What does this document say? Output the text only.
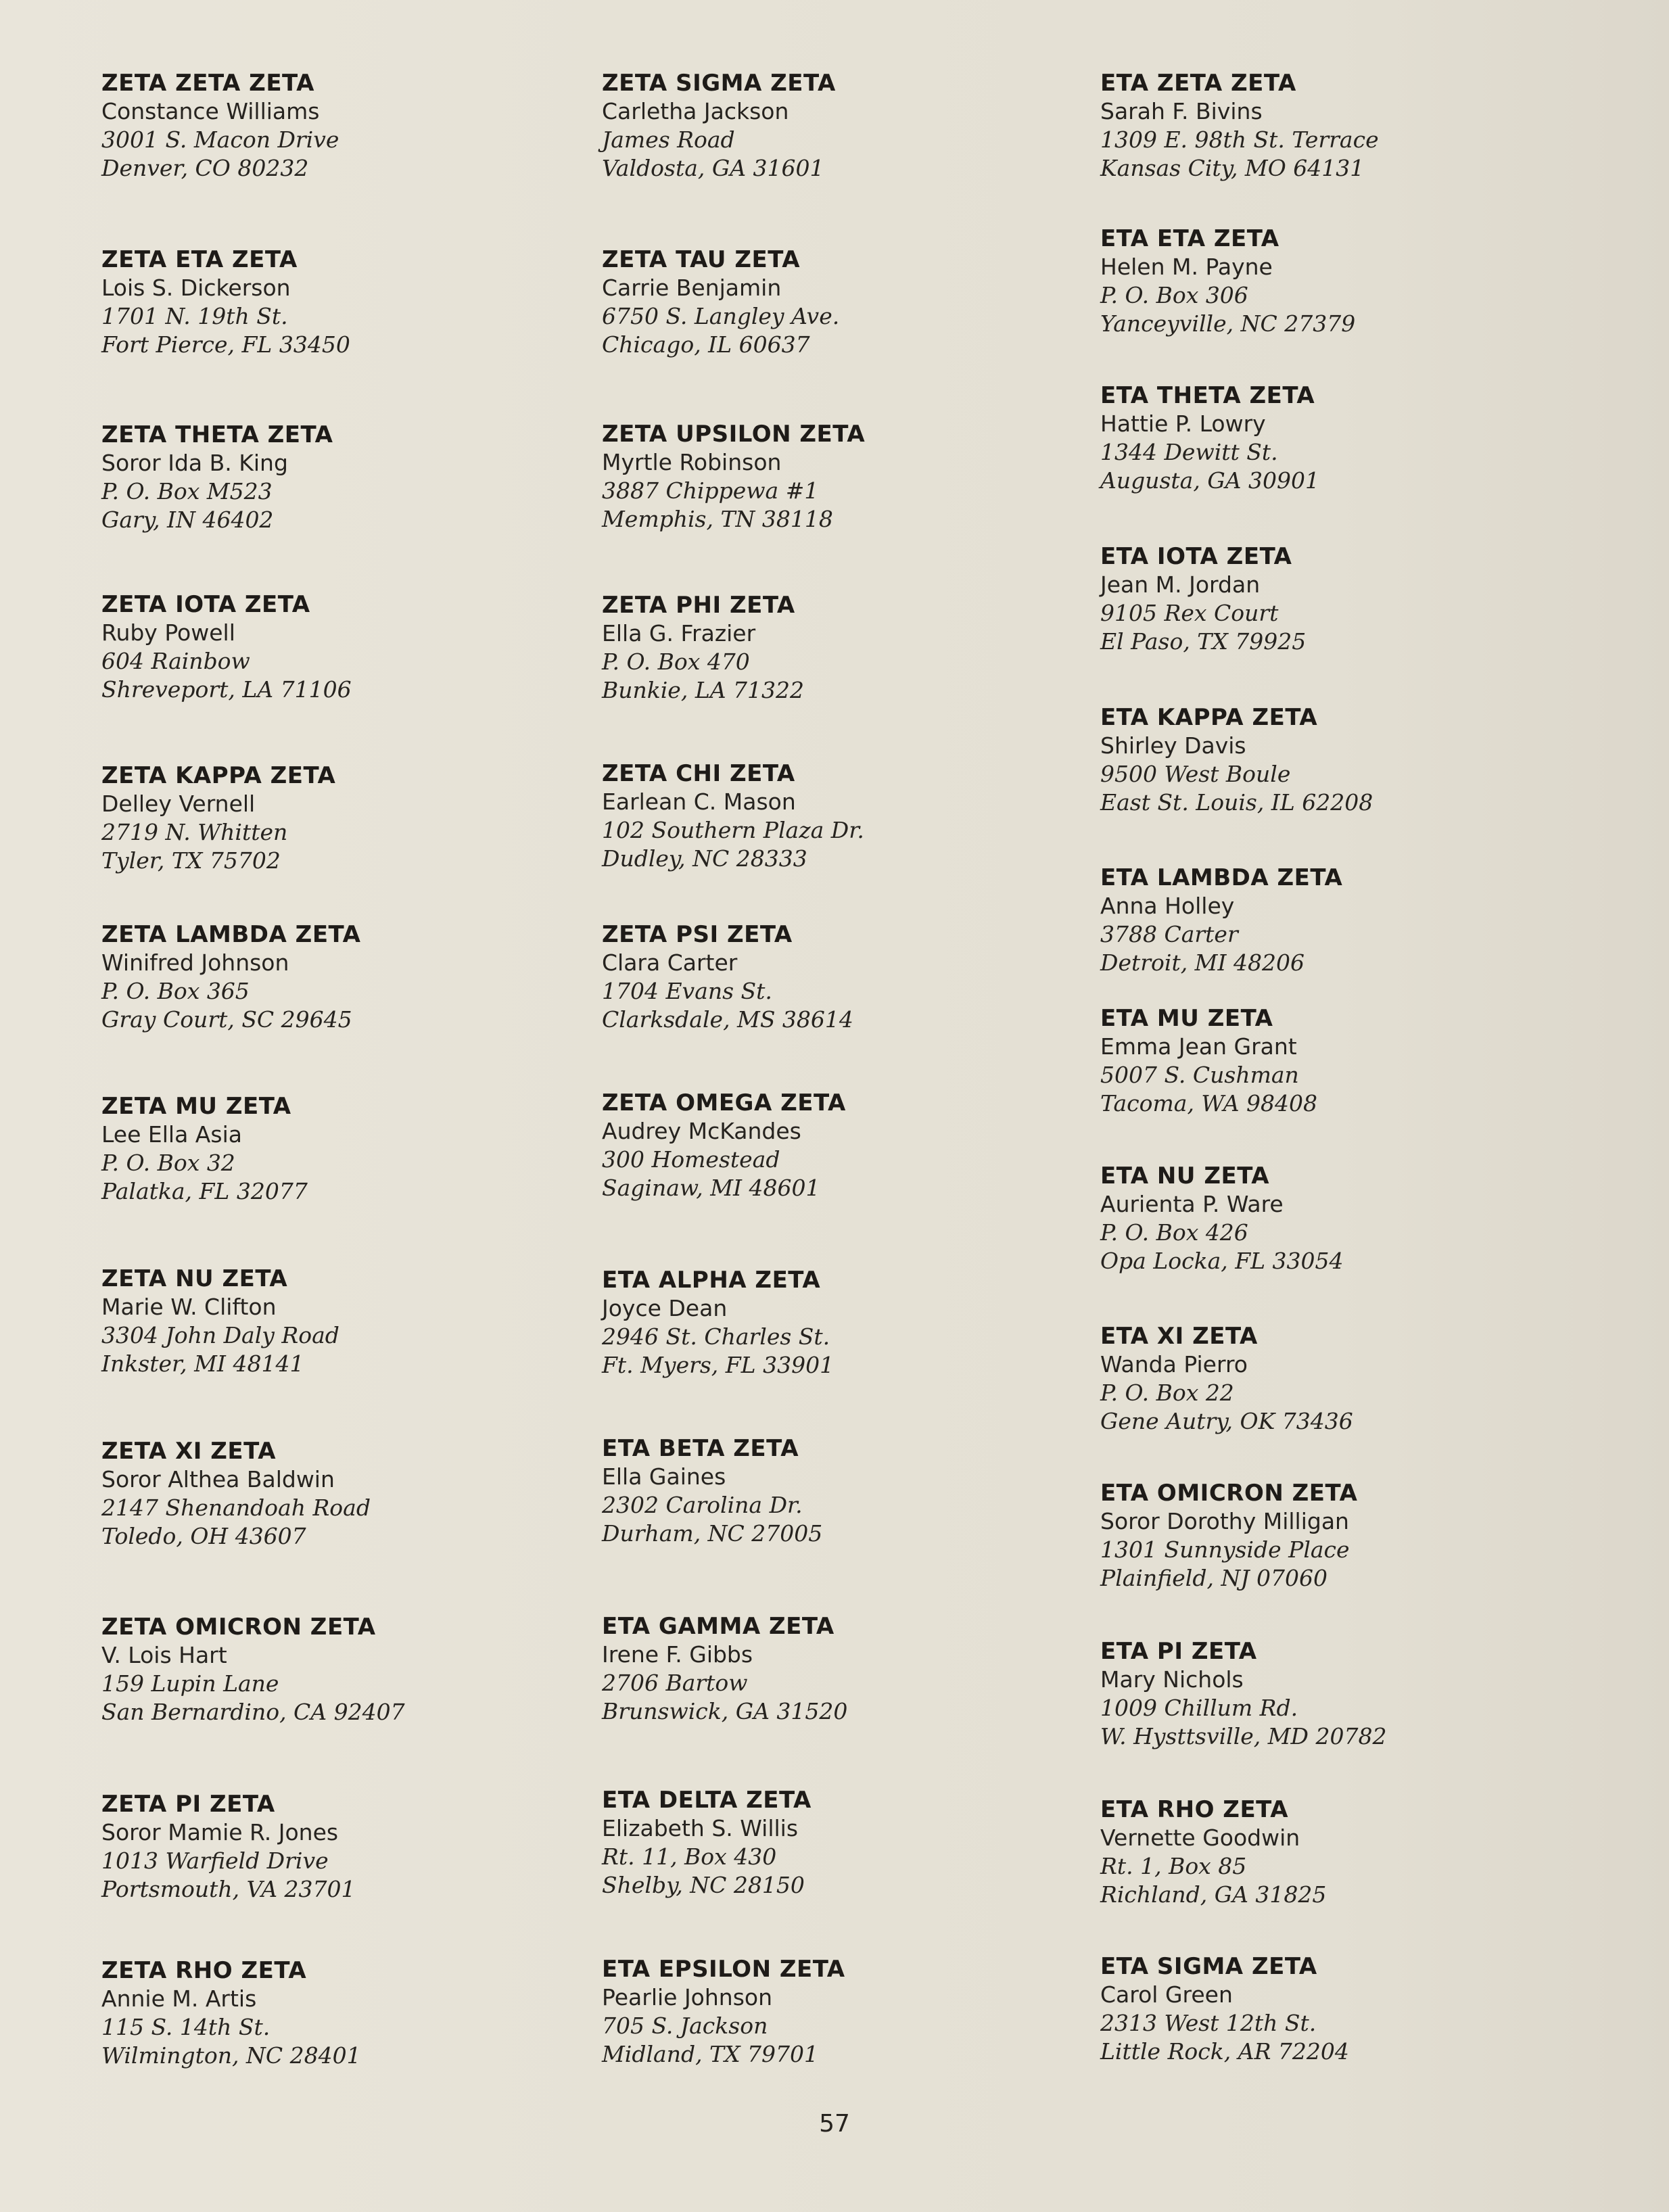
ZETA ZETA ZETA
Constance Williams
3001 S. Macon Drive
Denver, CO 80232
ZETA ETA ZETA
Lois S. Dickerson
1701 N. 19th St.
Fort Pierce, FL 33450
ZETA THETA ZETA
Soror Ida B. King
P. O. Box M523
Gary, IN 46402
ZETA IOTA ZETA
Ruby Powell
604 Rainbow
Shreveport, LA 71106
ZETA KAPPA ZETA
Delley Vernell
2719 N. Whitten
Tyler, TX 75702
ZETA LAMBDA ZETA
Winifred Johnson
P. O. Box 365
Gray Court, SC 29645
ZETA MU ZETA
Lee Ella Asia
P. O. Box 32
Palatka, FL 32077
ZETA NU ZETA
Marie W. Clifton
3304 John Daly Road
Inkster, MI 48141
ZETA XI ZETA
Soror Althea Baldwin
2147 Shenandoah Road
Toledo, OH 43607
ZETA OMICRON ZETA
V. Lois Hart
159 Lupin Lane
San Bernardino, CA 92407
ZETA PI ZETA
Soror Mamie R. Jones
1013 Warfield Drive
Portsmouth, VA 23701
ZETA RHO ZETA
Annie M. Artis
115 S. 14th St.
Wilmington, NC 28401
ZETA SIGMA ZETA
Carletha Jackson
James Road
Valdosta, GA 31601
ZETA TAU ZETA
Carrie Benjamin
6750 S. Langley Ave.
Chicago, IL 60637
ZETA UPSILON ZETA
Myrtle Robinson
3887 Chippewa #1
Memphis, TN 38118
ZETA PHI ZETA
Ella G. Frazier
P. O. Box 470
Bunkie, LA 71322
ZETA CHI ZETA
Earlean C. Mason
102 Southern Plaza Dr.
Dudley, NC 28333
ZETA PSI ZETA
Clara Carter
1704 Evans St.
Clarksdale, MS 38614
ZETA OMEGA ZETA
Audrey McKandes
300 Homestead
Saginaw, MI 48601
ETA ALPHA ZETA
Joyce Dean
2946 St. Charles St.
Ft. Myers, FL 33901
ETA BETA ZETA
Ella Gaines
2302 Carolina Dr.
Durham, NC 27005
ETA GAMMA ZETA
Irene F. Gibbs
2706 Bartow
Brunswick, GA 31520
ETA DELTA ZETA
Elizabeth S. Willis
Rt. 11, Box 430
Shelby, NC 28150
ETA EPSILON ZETA
Pearlie Johnson
705 S. Jackson
Midland, TX 79701
ETA ZETA ZETA
Sarah F. Bivins
1309 E. 98th St. Terrace
Kansas City, MO 64131
ETA ETA ZETA
Helen M. Payne
P. O. Box 306
Yanceyville, NC 27379
ETA THETA ZETA
Hattie P. Lowry
1344 Dewitt St.
Augusta, GA 30901
ETA IOTA ZETA
Jean M. Jordan
9105 Rex Court
El Paso, TX 79925
ETA KAPPA ZETA
Shirley Davis
9500 West Boule
East St. Louis, IL 62208
ETA LAMBDA ZETA
Anna Holley
3788 Carter
Detroit, MI 48206
ETA MU ZETA
Emma Jean Grant
5007 S. Cushman
Tacoma, WA 98408
ETA NU ZETA
Aurienta P. Ware
P. O. Box 426
Opa Locka, FL 33054
ETA XI ZETA
Wanda Pierro
P. O. Box 22
Gene Autry, OK 73436
ETA OMICRON ZETA
Soror Dorothy Milligan
1301 Sunnyside Place
Plainfield, NJ 07060
ETA PI ZETA
Mary Nichols
1009 Chillum Rd.
W. Hysttsville, MD 20782
ETA RHO ZETA
Vernette Goodwin
Rt. 1, Box 85
Richland, GA 31825
ETA SIGMA ZETA
Carol Green
2313 West 12th St.
Little Rock, AR 72204
57
